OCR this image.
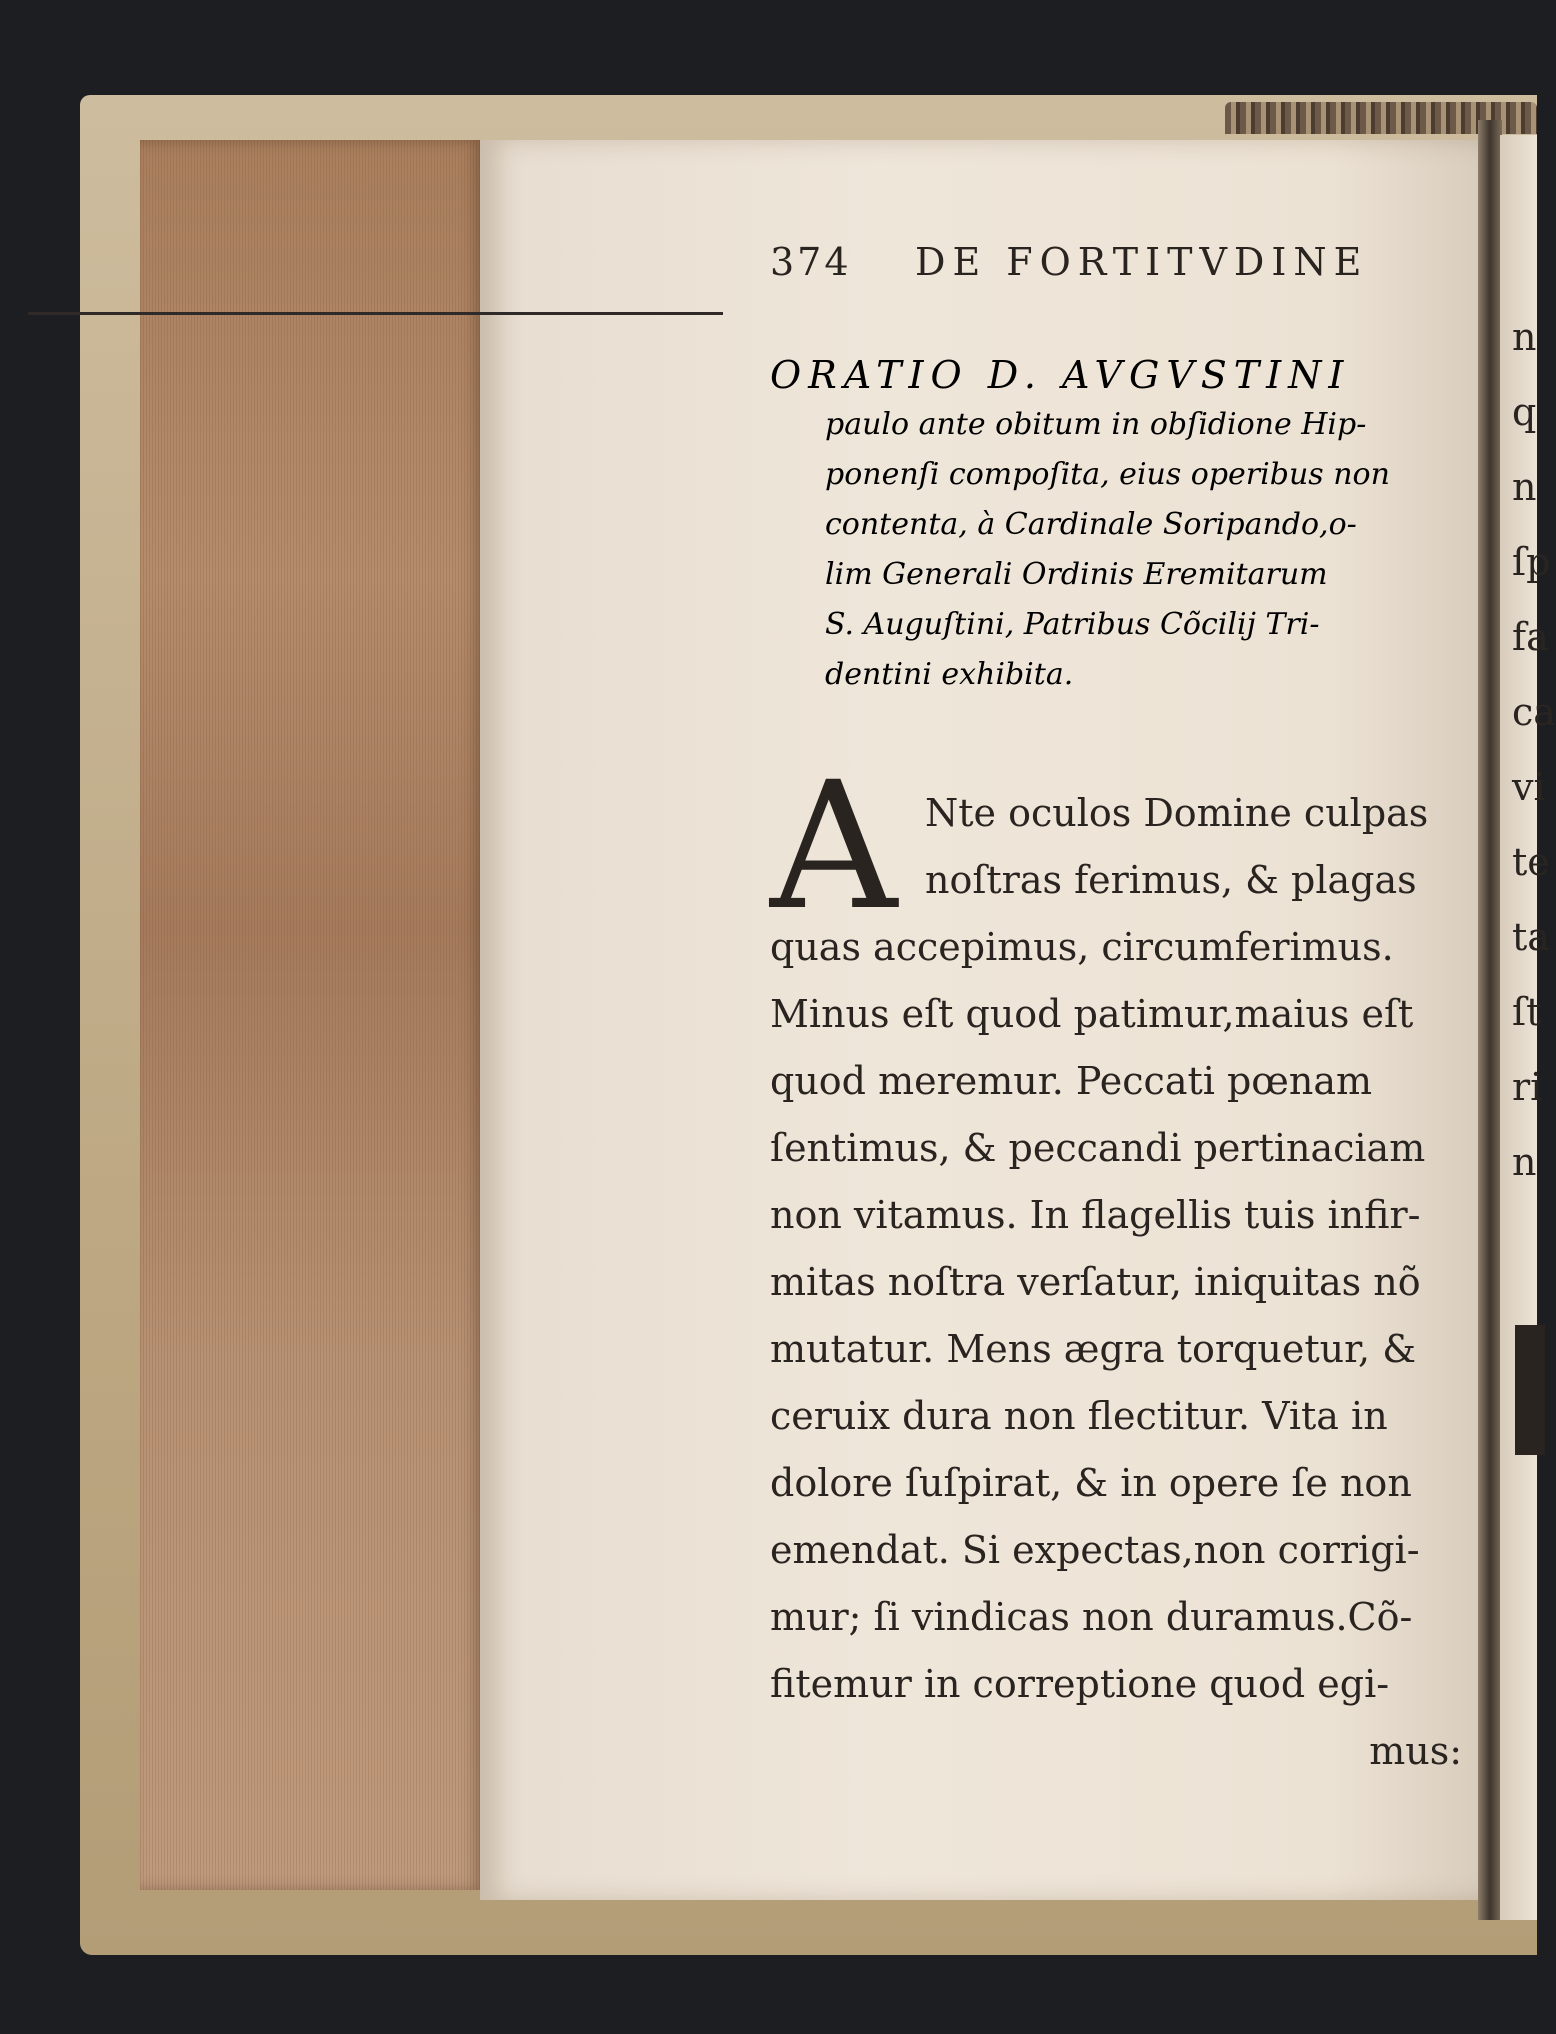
374 DE FORTITVDINE
ORATIO D. AVGVSTINI
paulo ante obitum in obſidione Hip-
ponenſi compoſita, eius operibus non
contenta, à Cardinale Soripando,o-
lim Generali Ordinis Eremitarum
S. Auguſtini, Patribus Cõcilij Tri-
dentini exhibita.
A Nte oculos Domine culpas
noſtras ferimus, & plagas
quas accepimus, circumferimus.
Minus eſt quod patimur,maius eſt
quod meremur. Peccati pœnam
ſentimus, & peccandi pertinaciam
non vitamus. In flagellis tuis infir-
mitas noſtra verſatur, iniquitas nõ
mutatur. Mens ægra torquetur, &
ceruix dura non flectitur. Vita in
dolore ſuſpirat, & in opere ſe non
emendat. Si expectas,non corrigi-
mur; ſi vindicas non duramus.Cõ-
fitemur in correptione quod egi-
mus:
n
q
n
ſp
fa
ca
vi
te
ta
ſt
ri
n
